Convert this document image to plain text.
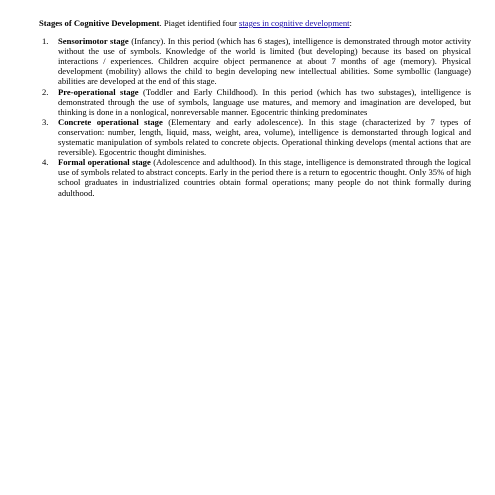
Stages of Cognitive Development. Piaget identified four stages in cognitive development:

1. Sensorimotor stage (Infancy). In this period (which has 6 stages), intelligence is demonstrated through motor activity without the use of symbols. Knowledge of the world is limited (but developing) because its based on physical interactions / experiences. Children acquire object permanence at about 7 months of age (memory). Physical development (mobility) allows the child to begin developing new intellectual abilities. Some symbollic (language) abilities are developed at the end of this stage.
2. Pre-operational stage (Toddler and Early Childhood). In this period (which has two substages), intelligence is demonstrated through the use of symbols, language use matures, and memory and imagination are developed, but thinking is done in a nonlogical, nonreversable manner. Egocentric thinking predominates
3. Concrete operational stage (Elementary and early adolescence). In this stage (characterized by 7 types of conservation: number, length, liquid, mass, weight, area, volume), intelligence is demonstarted through logical and systematic manipulation of symbols related to concrete objects. Operational thinking develops (mental actions that are reversible). Egocentric thought diminishes.
4. Formal operational stage (Adolescence and adulthood). In this stage, intelligence is demonstrated through the logical use of symbols related to abstract concepts. Early in the period there is a return to egocentric thought. Only 35% of high school graduates in industrialized countries obtain formal operations; many people do not think formally during adulthood.
